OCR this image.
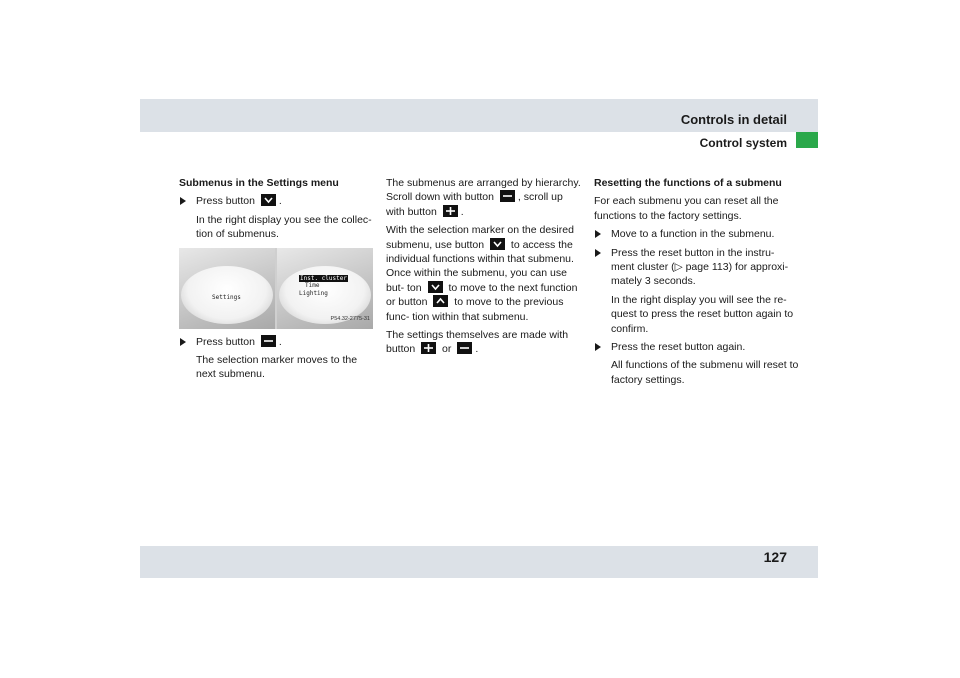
Controls in detail
Control system

Submenus in the Settings menu

Press button .

In the right display you see the collec- tion of submenus.

Settings
Inst. cluster
Time
Lighting
P54.32-2775-31

Press button .

The selection marker moves to the next submenu.

The submenus are arranged by hierarchy. Scroll down with button , scroll up with button .

With the selection marker on the desired submenu, use button	to access the individual functions within that submenu. Once within the submenu, you can use but- ton	to move to the next function or button	to move to the previous func- tion within that submenu.

The settings themselves are made with button	or .

Resetting the functions of a submenu

For each submenu you can reset all the functions to the factory settings.

Move to a function in the submenu.

Press the reset button in the instru- ment cluster (▷ page 113) for approxi- mately 3 seconds.

In the right display you will see the re- quest to press the reset button again to confirm.

Press the reset button again.

All functions of the submenu will reset to factory settings.

127
